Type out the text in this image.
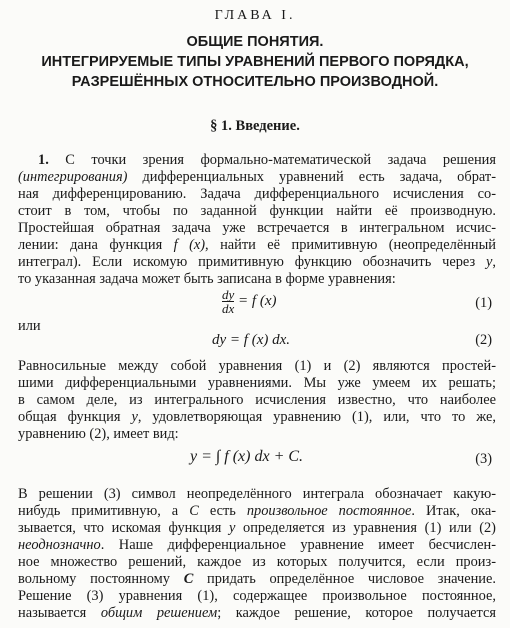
ГЛАВА I.
ОБЩИЕ ПОНЯТИЯ.
ИНТЕГРИРУЕМЫЕ ТИПЫ УРАВНЕНИЙ ПЕРВОГО ПОРЯДКА,
РАЗРЕШЁННЫХ ОТНОСИТЕЛЬНО ПРОИЗВОДНОЙ.
§ 1. Введение.
1. С точки зрения формально-математической задача решения
(интегрирования) дифференциальных уравнений есть задача, обрат-
ная дифференцированию. Задача дифференциального исчисления со-
стоит в том, чтобы по заданной функции найти её производную.
Простейшая обратная задача уже встречается в интегральном исчис-
лении: дана функция f (x), найти её примитивную (неопределённый
интеграл). Если искомую примитивную функцию обозначить через y,
то указанная задача может быть записана в форме уравнения:
$\frac{dy}{dx} = f$ (x)	(1)
или
dy = f (x) dx.	(2)
Равносильные между собой уравнения (1) и (2) являются простей-
шими дифференциальными уравнениями. Мы уже умеем их решать;
в самом деле, из интегрального исчисления известно, что наиболее
общая функция y, удовлетворяющая уравнению (1), или, что то же,
уравнению (2), имеет вид:
y = ∫ f (x) dx + C.	(3)
В решении (3) символ неопределённого интеграла обозначает какую-
нибудь примитивную, а C есть произвольное постоянное. Итак, ока-
зывается, что искомая функция y определяется из уравнения (1) или (2)
неоднозначно. Наше дифференциальное уравнение имеет бесчислен-
ное множество решений, каждое из которых получится, если произ-
вольному постоянному C придать определённое числовое значение.
Решение (3) уравнения (1), содержащее произвольное постоянное,
называется общим решением; каждое решение, которое получается
